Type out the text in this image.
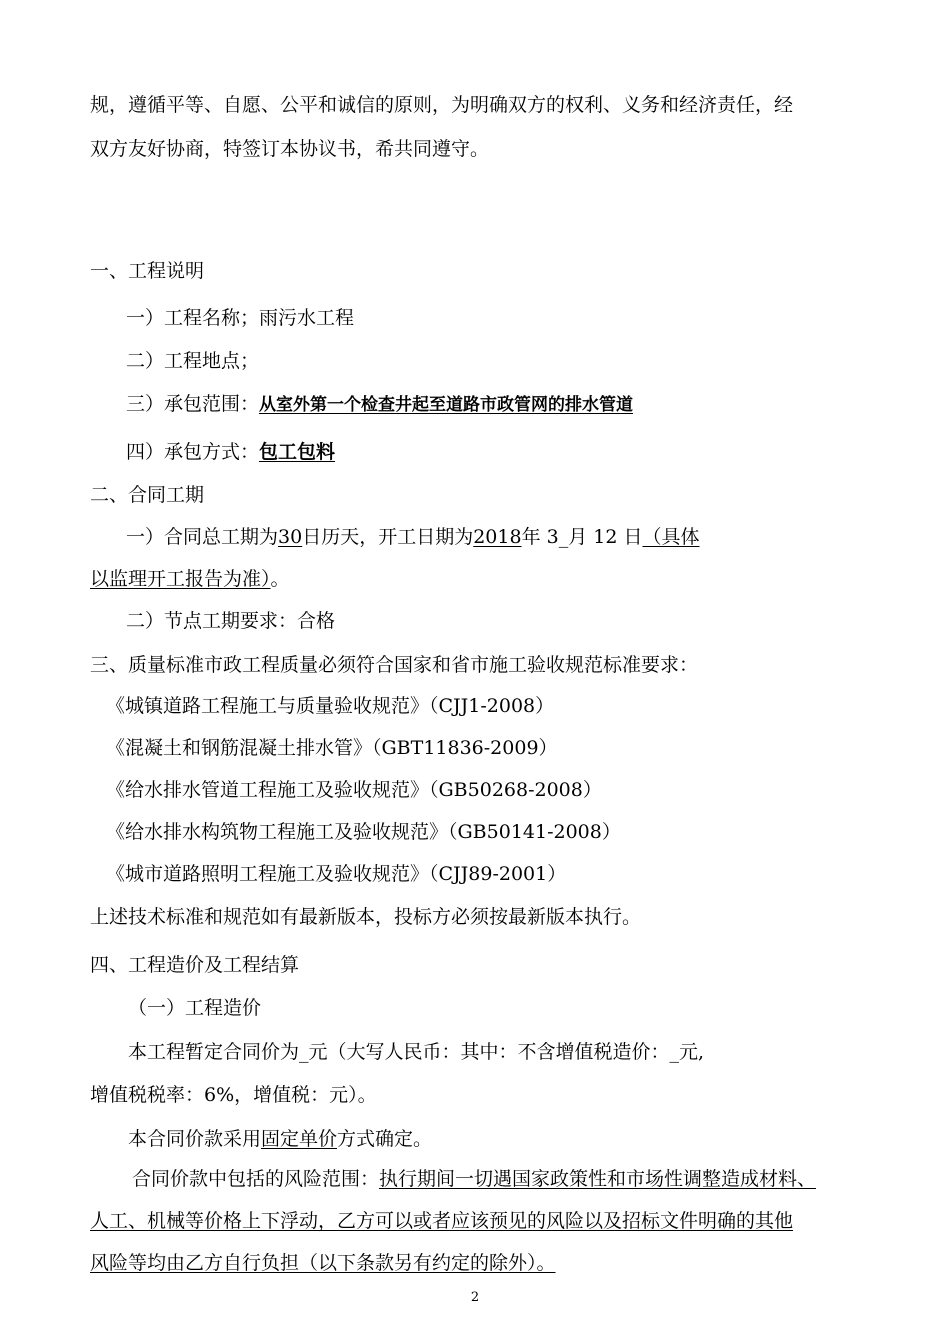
规，遵循平等、自愿、公平和诚信的原则，为明确双方的权利、义务和经济责任，经
双方友好协商，特签订本协议书，希共同遵守。
一、工程说明
一）工程名称；雨污水工程
二）工程地点；
三）承包范围：从室外第一个检查井起至道路市政管网的排水管道
四）承包方式：包工包料
二、合同工期
一）合同总工期为30日历天，开工日期为2018年 3_月 12 日（具体
以监理开工报告为准）。
二）节点工期要求：合格
三、质量标准市政工程质量必须符合国家和省市施工验收规范标准要求：
《城镇道路工程施工与质量验收规范》（CJJ1-2008）
《混凝土和钢筋混凝土排水管》（GBT11836-2009）
《给水排水管道工程施工及验收规范》（GB50268-2008）
《给水排水构筑物工程施工及验收规范》（GB50141-2008）
《城市道路照明工程施工及验收规范》（CJJ89-2001）
上述技术标准和规范如有最新版本，投标方必须按最新版本执行。
四、工程造价及工程结算
（一）工程造价
本工程暂定合同价为_元（大写人民币：其中：不含增值税造价：_元,
增值税税率：6%，增值税：元）。
本合同价款采用固定单价方式确定。
合同价款中包括的风险范围：执行期间一切遇国家政策性和市场性调整造成材料、
人工、机械等价格上下浮动，乙方可以或者应该预见的风险以及招标文件明确的其他
风险等均由乙方自行负担（以下条款另有约定的除外）。
2
